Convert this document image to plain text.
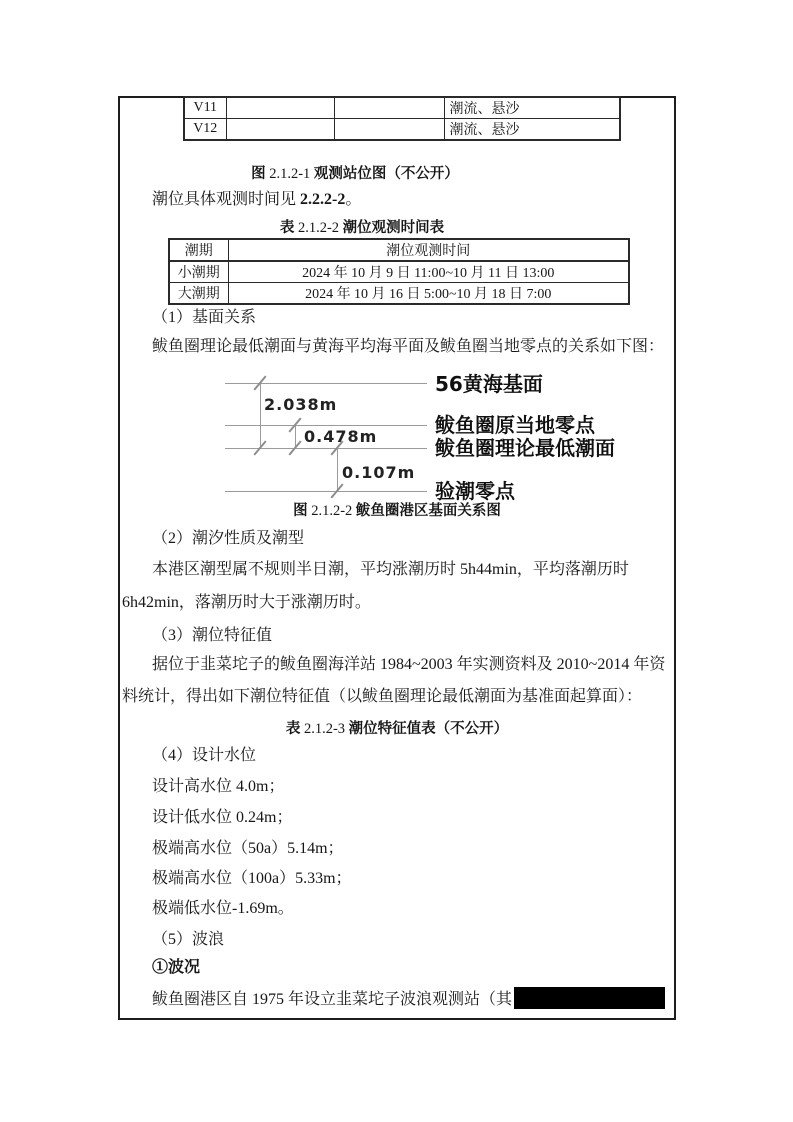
V11			潮流、悬沙
V12			潮流、悬沙
图 2.1.2-1 观测站位图（不公开）
潮位具体观测时间见 2.2.2-2。
表 2.1.2-2 潮位观测时间表
潮期	潮位观测时间
小潮期	2024 年 10 月 9 日 11:00~10 月 11 日 13:00
大潮期	2024 年 10 月 16 日 5:00~10 月 18 日 7:00
（1）基面关系
鲅鱼圈理论最低潮面与黄海平均海平面及鲅鱼圈当地零点的关系如下图：
2.038m
0.478m
0.107m
56黄海基面
鲅鱼圈原当地零点
鲅鱼圈理论最低潮面
验潮零点
图 2.1.2-2 鲅鱼圈港区基面关系图
（2）潮汐性质及潮型
本港区潮型属不规则半日潮，平均涨潮历时 5h44min，平均落潮历时
6h42min，落潮历时大于涨潮历时。
（3）潮位特征值
据位于韭菜坨子的鲅鱼圈海洋站 1984~2003 年实测资料及 2010~2014 年资
料统计，得出如下潮位特征值（以鲅鱼圈理论最低潮面为基准面起算面）：
表 2.1.2-3 潮位特征值表（不公开）
（4）设计水位
设计高水位 4.0m；
设计低水位 0.24m；
极端高水位（50a）5.14m；
极端高水位（100a）5.33m；
极端低水位-1.69m。
（5）波浪
①波况
鲅鱼圈港区自 1975 年设立韭菜坨子波浪观测站（其
